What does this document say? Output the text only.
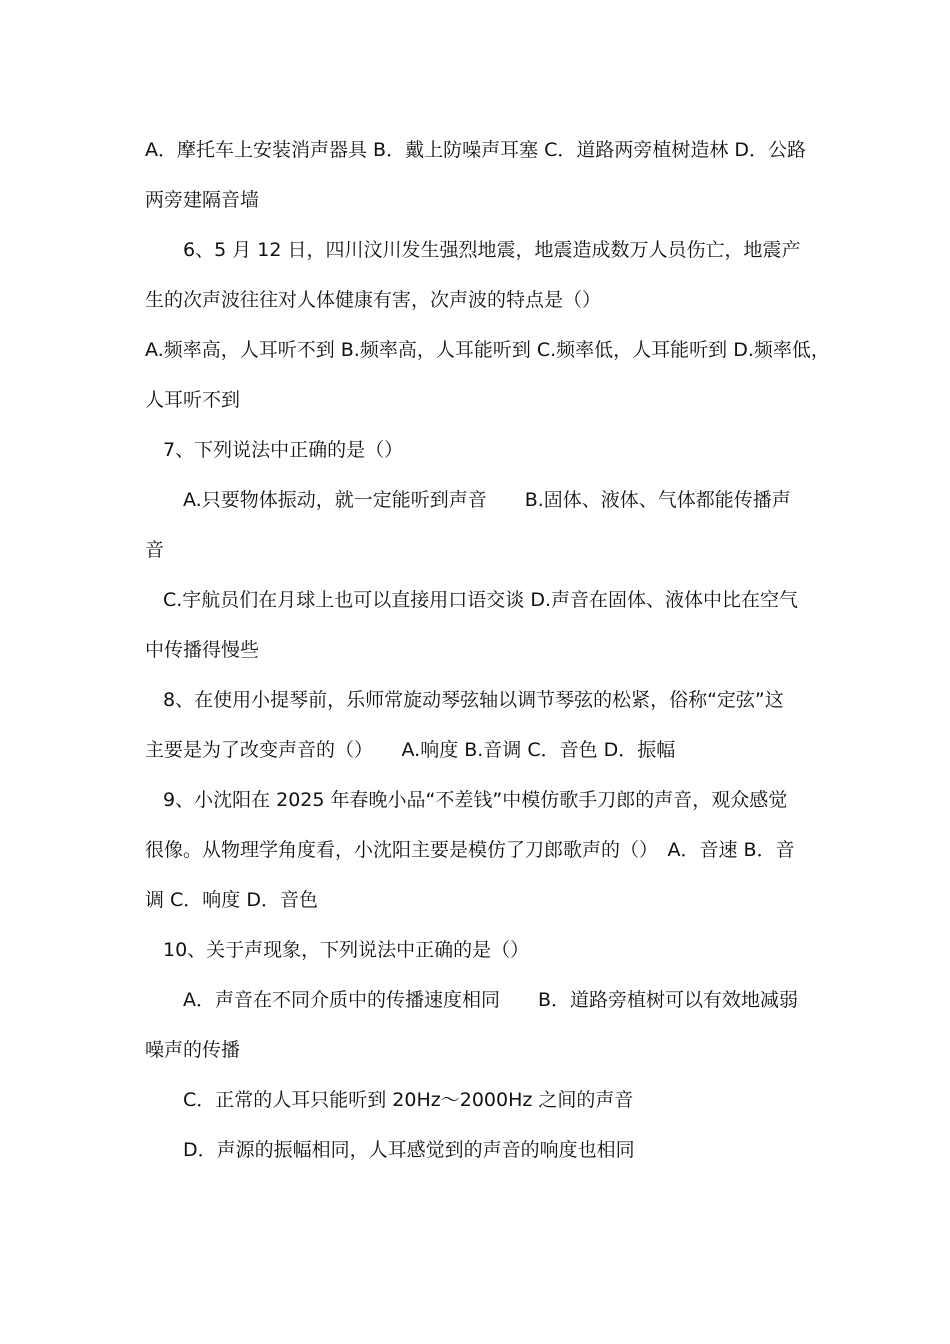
A．摩托车上安装消声器具 B．戴上防噪声耳塞 C．道路两旁植树造林 D．公路
两旁建隔音墙
6、5 月 12 日，四川汶川发生强烈地震，地震造成数万人员伤亡，地震产
生的次声波往往对人体健康有害，次声波的特点是（）
A.频率高，人耳听不到 B.频率高，人耳能听到 C.频率低，人耳能听到 D.频率低，
人耳听不到
7、下列说法中正确的是（）
A.只要物体振动，就一定能听到声音　　B.固体、液体、气体都能传播声
音
C.宇航员们在月球上也可以直接用口语交谈 D.声音在固体、液体中比在空气
中传播得慢些
8、在使用小提琴前，乐师常旋动琴弦轴以调节琴弦的松紧，俗称“定弦”这
主要是为了改变声音的（）　　A.响度 B.音调 C．音色 D．振幅
9、小沈阳在 2025 年春晚小品“不差钱”中模仿歌手刀郎的声音，观众感觉
很像。从物理学角度看，小沈阳主要是模仿了刀郎歌声的（）　A．音速 B．音
调 C．响度 D．音色
10、关于声现象，下列说法中正确的是（）
A．声音在不同介质中的传播速度相同　　B．道路旁植树可以有效地减弱
噪声的传播
C．正常的人耳只能听到 20Hz～2000Hz 之间的声音
D．声源的振幅相同，人耳感觉到的声音的响度也相同
